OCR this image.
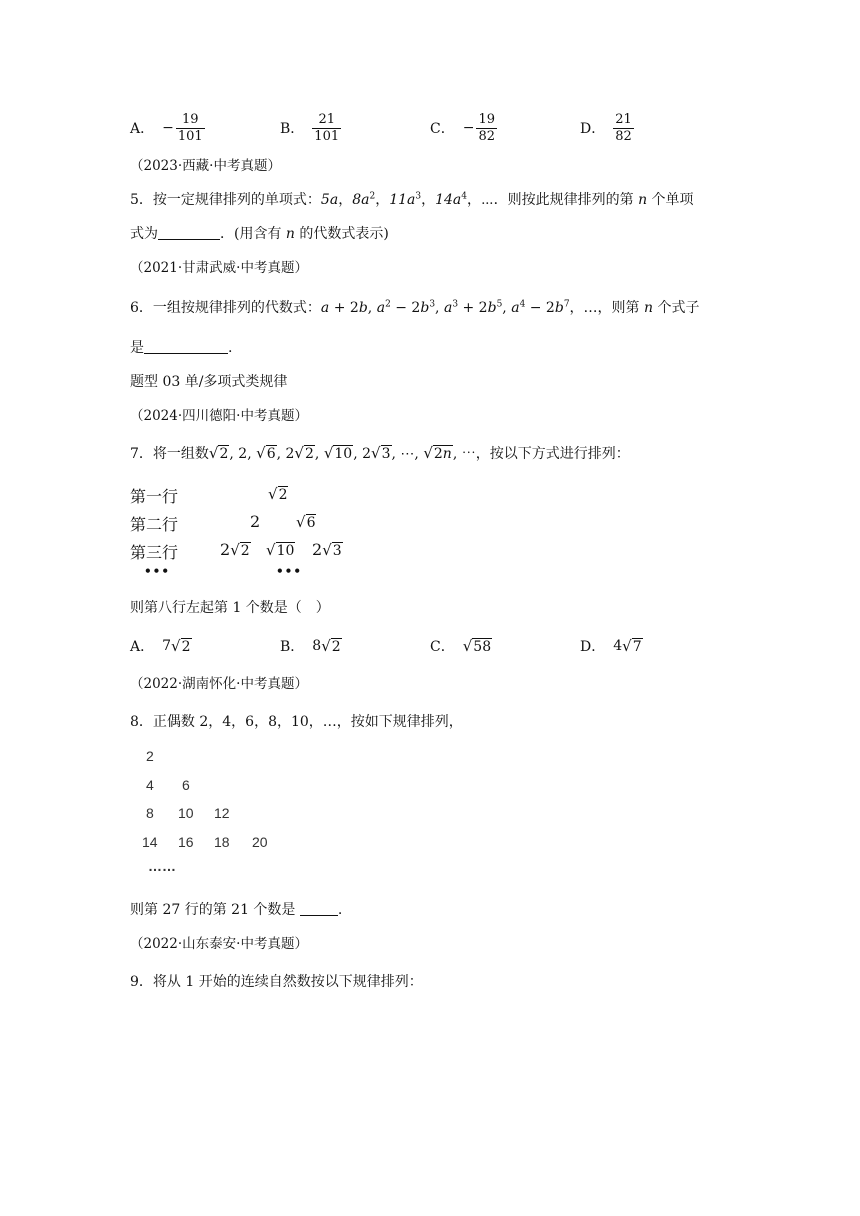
A． − $\frac{19}{101}$	B． $\frac{21}{101}$	C． − $\frac{19}{82}$	D． $\frac{21}{82}$
（2023·西藏·中考真题）
5．按一定规律排列的单项式：5a，$8a^2$，$11a^3$，$14a^4$，⋯．则按此规律排列的第 n 个单项
式为	．(用含有 n 的代数式表示)
（2021·甘肃武威·中考真题）
6．一组按规律排列的代数式：a + 2b, $a^2 - 2b^3$, $a^3 + 2b^5$, $a^4 - 2b^7$，…，则第 n 个式子
是	.
题型 03 单/多项式类规律
（2024·四川德阳·中考真题）
7．将一组数 √ 2 , 2, √ 6 , 2 √ 2 , √ 10 , 2 √ 3 , ⋯, √ 2n , ⋯，按以下方式进行排列：
第一行	√ 2
第二行	2 √ 6
第三行	2 √ 2 √ 10 2 √ 3
•••	•••
则第八行左起第 1 个数是（　）
A． 7 √ 2	B． 8 √ 2	C． √ 58	D． 4 √ 7
（2022·湖南怀化·中考真题）
8．正偶数 2，4，6，8，10，…，按如下规律排列，
2
4 6
8 10 12
14 16 18 20
……
则第 27 行的第 21 个数是	.
（2022·山东泰安·中考真题）
9．将从 1 开始的连续自然数按以下规律排列：
